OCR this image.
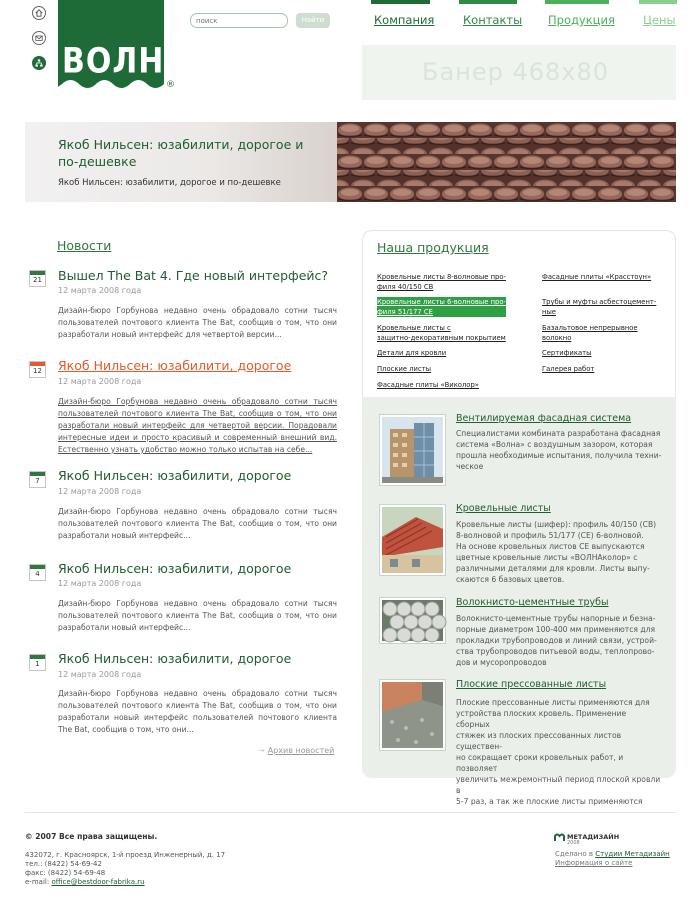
ВОЛНА
®
поиск
Найти	Компания Контакты Продукция Цены
Банер 468x80
Якоб Нильсен: юзабилити, дорогое и по-дешевке
Якоб Нильсен: юзабилити, дорогое и по-дешевке
Новости
21 Вышел The Bat 4. Где новый интерфейс?
12 марта 2008 года
Дизайн-бюро Горбунова недавно очень обрадовало сотни тысяч пользователей почтового клиента The Bat, сообщив о том, что они разработали новый интерфейс для четвертой версии...
12 Якоб Нильсен: юзабилити, дорогое
12 марта 2008 года
Дизайн-бюро Горбунова недавно очень обрадовало сотни тысяч пользователей почтового клиента The Bat, сообщив о том, что они разработали новый интерфейс для четвертой версии. Порадовали интересные идеи и просто красивый и современный внешний вид. Естественно узнать удобство можно только испытав на себе...
7	Якоб Нильсен: юзабилити, дорогое
12 марта 2008 года
Дизайн-бюро Горбунова недавно очень обрадовало сотни тысяч пользователей почтового клиента The Bat, сообщив о том, что они разработали новый интерфейс...
4	Якоб Нильсен: юзабилити, дорогое
12 марта 2008 года
Дизайн-бюро Горбунова недавно очень обрадовало сотни тысяч пользователей почтового клиента The Bat, сообщив о том, что они разработали новый интерфейс...
1	Якоб Нильсен: юзабилити, дорогое
12 марта 2008 года
Дизайн-бюро Горбунова недавно очень обрадовало сотни тысяч пользователей почтового клиента The Bat, сообщив о том, что они разработали новый интерфейс пользователей почтового клиента The Bat, сообщив о том, что они...
→ Архив новостей
Наша продукция
Кровельные листы 8-волновые про-
филя 40/150 СВ
Кровельные листы 6-волновые про-
филя 51/177 СЕ
Кровельные листы с
защитно-декоративным покрытием
Детали для кровли
Плоские листы
Фасадные плиты «Виколор»
Фасадные плиты «Красстоун»
Трубы и муфты асбестоцемент-
ные
Базальтовое непрерывное
волокно
Сертификаты
Галерея работ
Вентилируемая фасадная система
Специалистами комбината разработана фасадная
система «Волна» с воздушным зазором, которая
прошла необходимые испытания, получила техни-
ческое
Кровельные листы
Кровельные листы (шифер): профиль 40/150 (СВ)
8-волновой и профиль 51/177 (СЕ) 6-волновой.
На основе кровельных листов СЕ выпускаются
цветные кровельные листы «ВОЛНАколор» с
различными деталями для кровли. Листы выпу-
скаются 6 базовых цветов.
Волокнисто-цементные трубы
Волокнисто-цементные трубы напорные и безна-
порные диаметром 100-400 мм применяются для
прокладки трубопроводов и линий связи, устрой-
ства трубопроводов питьевой воды, теплопрово-
дов и мусоропроводов
Плоские прессованные листы
Плоские прессованные листы применяются для
устройства плоских кровель. Применение сборных
стяжек из плоских прессованных листов существен-
но сокращает сроки кровельных работ, и позволяет
увеличить межремонтный период плоской кровли в
5-7 раз, а так же плоские листы применяются
© 2007 Все права защищены.
432072, г. Красноярск, 1-й проезд Инженерный, д. 17
тел.: (8422) 54-69-42
факс: (8422) 54-69-48
e-mail: office@bestdoor-fabrika.ru
МЕТАДИЗАЙН
2008
Сделано в Студии Метадизайн
Информация о сайте
